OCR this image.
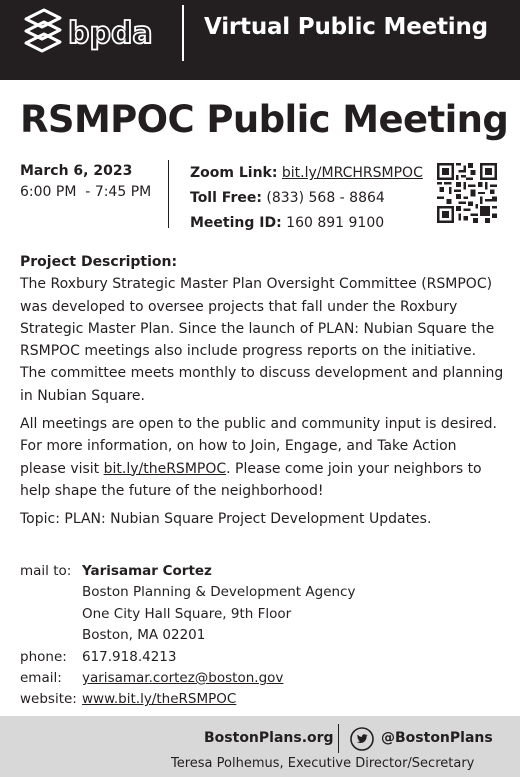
bpda Virtual Public Meeting
RSMPOC Public Meeting
March 6, 2023
6:00 PM  - 7:45 PM
Zoom Link: bit.ly/MRCHRSMPOC
Toll Free: (833) 568 - 8864
Meeting ID: 160 891 9100
Project Description:

The Roxbury Strategic Master Plan Oversight Committee (RSMPOC) was developed to oversee projects that fall under the Roxbury Strategic Master Plan. Since the launch of PLAN: Nubian Square the RSMPOC meetings also include progress reports on the initiative. The committee meets monthly to discuss development and planning in Nubian Square.

All meetings are open to the public and community input is desired. For more information, on how to Join, Engage, and Take Action please visit bit.ly/theRSMPOC. Please come join your neighbors to help shape the future of the neighborhood!

Topic: PLAN: Nubian Square Project Development Updates.

mail to: Yarisamar Cortez
Boston Planning & Development Agency
One City Hall Square, 9th Floor
Boston, MA 02201
phone:	617.918.4213
email:	yarisamar.cortez@boston.gov
website: www.bit.ly/theRSMPOC
BostonPlans.org	@BostonPlans
Teresa Polhemus, Executive Director/Secretary
